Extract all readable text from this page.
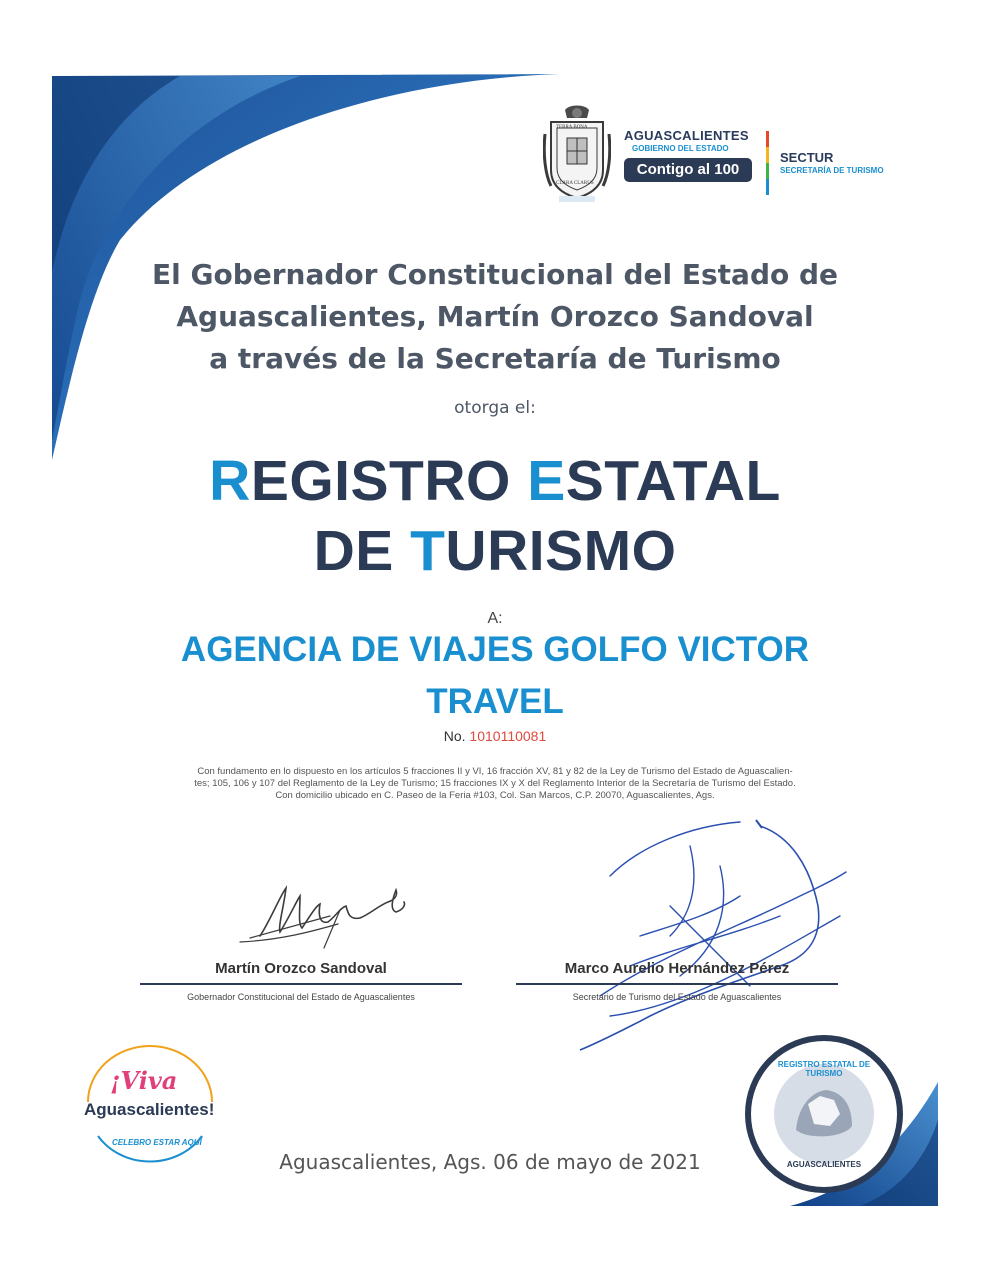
TERRA BONA
CLARA CLARUS
AGUASCALIENTES
GOBIERNO DEL ESTADO
Contigo al 100
SECTUR
SECRETARÍA DE TURISMO
El Gobernador Constitucional del Estado de
Aguascalientes, Martín Orozco Sandoval
a través de la Secretaría de Turismo
otorga el:
REGISTRO ESTATAL
DE TURISMO
A:
AGENCIA DE VIAJES GOLFO VICTOR
TRAVEL
No. 1010110081
Con fundamento en lo dispuesto en los artículos 5 fracciones II y VI, 16 fracción XV, 81 y 82 de la Ley de Turismo del Estado de Aguascalien-
tes; 105, 106 y 107 del Reglamento de la Ley de Turismo; 15 fracciones IX y X del Reglamento Interior de la Secretaría de Turismo del Estado.
Con domicilio ubicado en C. Paseo de la Feria #103, Col. San Marcos, C.P. 20070, Aguascalientes, Ags.
Martín Orozco Sandoval
Gobernador Constitucional del Estado de Aguascalientes
Marco Aurelio Hernández Pérez
Secretario de Turismo del Estado de Aguascalientes
¡Viva
Aguascalientes!
CELEBRO ESTAR AQUÍ
Aguascalientes, Ags. 06 de mayo de 2021
REGISTRO ESTATAL DE TURISMO
AGUASCALIENTES
